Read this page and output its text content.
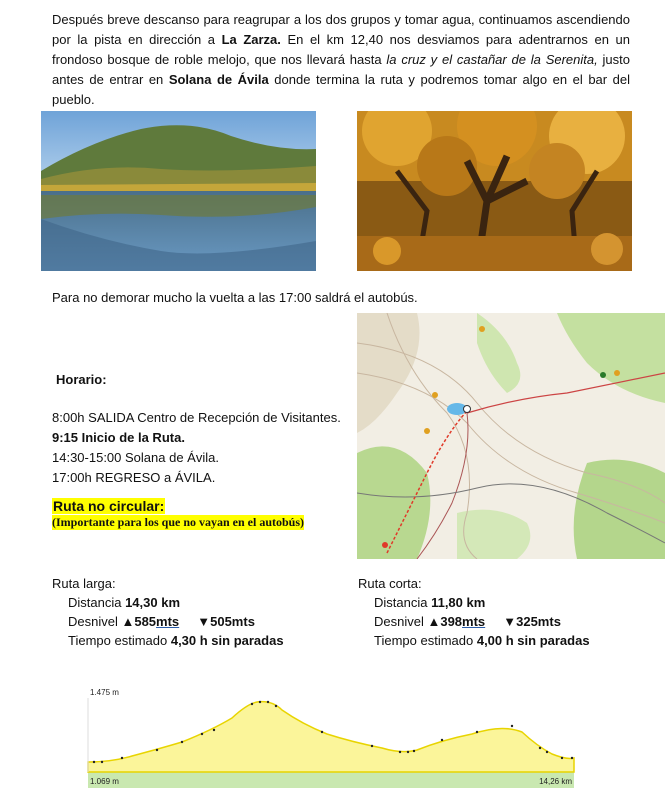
Después breve descanso para reagrupar a los dos grupos y tomar agua, continuamos ascendiendo por la pista en dirección a La Zarza. En el km 12,40 nos desviamos para adentrarnos en un frondoso bosque de roble melojo, que nos llevará hasta la cruz y el castañar de la Serenita, justo antes de entrar en Solana de Ávila donde termina la ruta y podremos tomar algo en el bar del pueblo.

Para no demorar mucho la vuelta a las 17:00 saldrá el autobús.

Horario:
8:00h SALIDA Centro de Recepción de Visitantes.
9:15 Inicio de la Ruta.
14:30-15:00 Solana de Ávila.
17:00h REGRESO a ÁVILA.
Ruta no circular:
(Importante para los que no vayan en el autobús)
Ruta larga:
Distancia 14,30 km
Desnivel ▲585mts ▼505mts
Tiempo estimado 4,30 h sin paradas
Ruta corta:
Distancia 11,80 km
Desnivel ▲398mts ▼325mts
Tiempo estimado 4,00 h sin paradas
1.475 m
1.069 m	14,26 km
